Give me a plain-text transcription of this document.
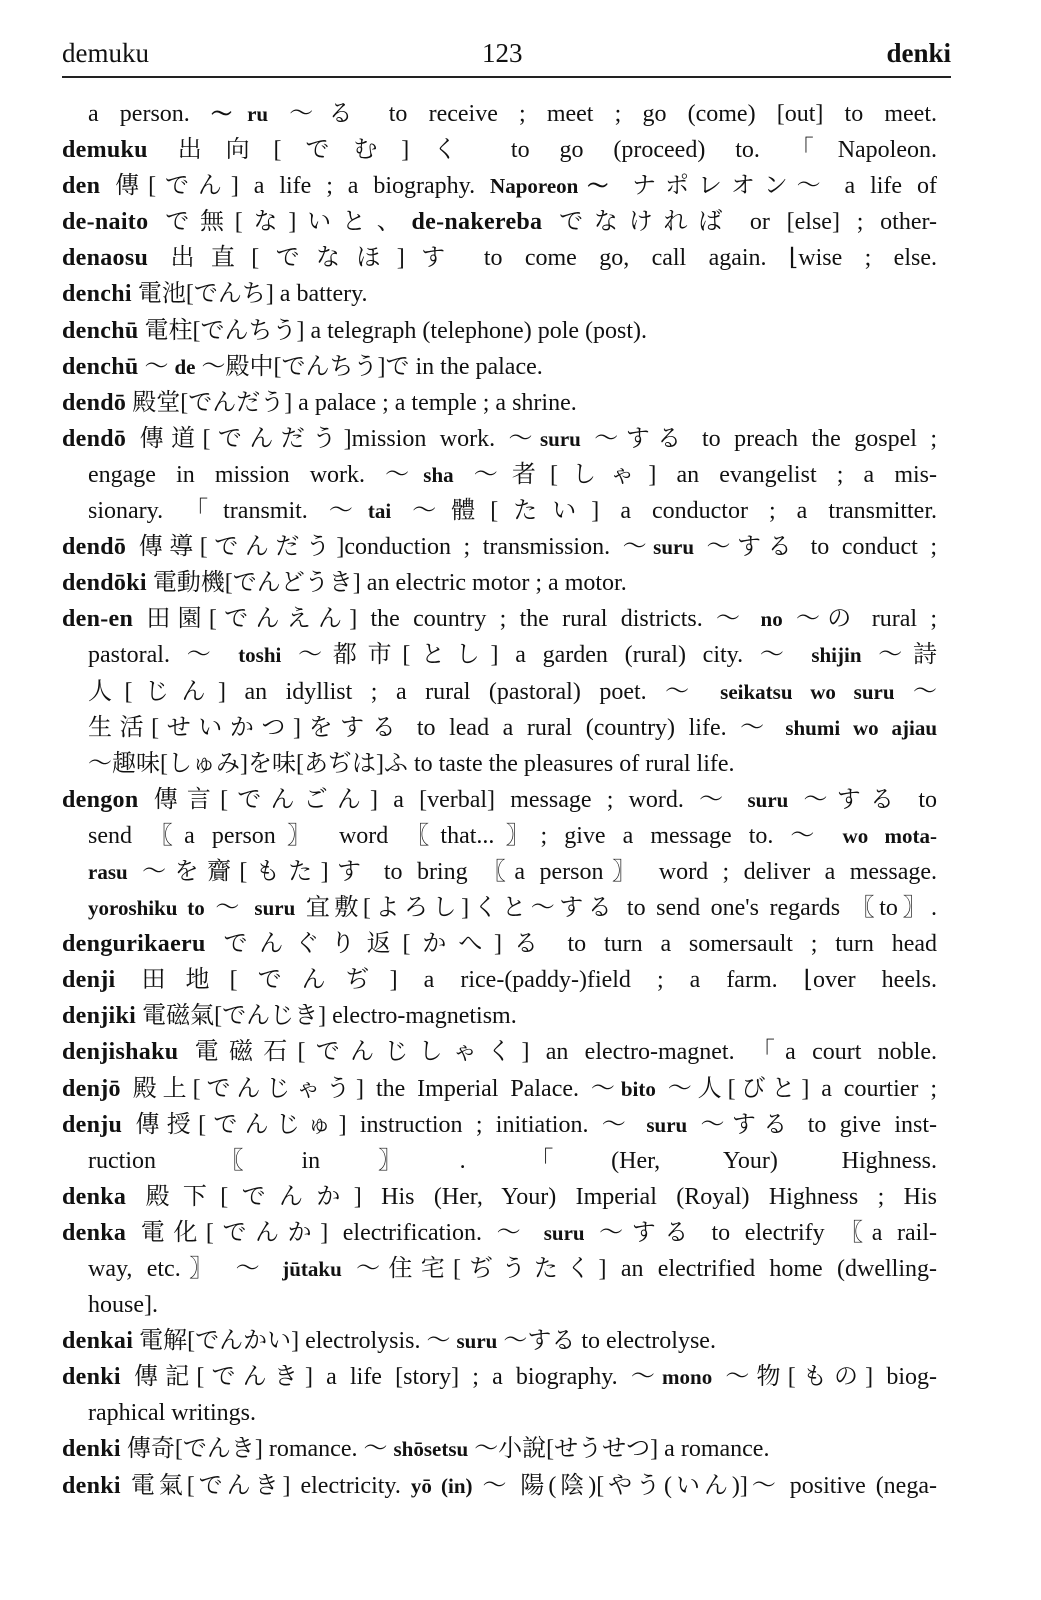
demuku	123	denki
a person. ～ru ～る to receive ; meet ; go (come) [out] to meet.
demuku 出向[でむ]く to go (proceed) to. 「Napoleon.
den 傳[でん] a life ; a biography. Naporeon～ ナポレオン～ a life of
de-naito で無[な]いと、de-nakereba でなければ or [else] ; other-
denaosu 出直[でなほ]す to come go, call again. ⌊wise ; else.
denchi 電池[でんち] a battery.
denchū 電柱[でんちう] a telegraph (telephone) pole (post).
denchū ～ de ～殿中[でんちう]で in the palace.
dendō 殿堂[でんだう] a palace ; a temple ; a shrine.
dendō 傳道[でんだう]mission work. ～suru ～する to preach the gospel ;
engage in mission work. ～sha ～者[しゃ] an evangelist ; a mis-
sionary. 「transmit. ～tai ～體[たい] a conductor ; a transmitter.
dendō 傳導[でんだう]conduction ; transmission. ～suru ～する to conduct ;
dendōki 電動機[でんどうき] an electric motor ; a motor.
den-en 田園[でんえん] the country ; the rural districts. ～ no ～の rural ;
pastoral. ～ toshi ～都市[とし] a garden (rural) city. ～ shijin ～詩
人[じん] an idyllist ; a rural (pastoral) poet. ～ seikatsu wo suru ～
生活[せいかつ]をする to lead a rural (country) life. ～ shumi wo ajiau
～趣味[しゅみ]を味[あぢは]ふ to taste the pleasures of rural life.
dengon 傳言[でんごん] a [verbal] message ; word. ～ suru ～する to
send 〖a person〗 word 〖that...〗; give a message to. ～ wo mota-
rasu ～を齎[もた]す to bring 〖a person〗 word ; deliver a message.
yoroshiku to ～ suru 宜敷[よろし]くと～する to send one's regards 〖to〗.
dengurikaeru でんぐり返[かへ]る to turn a somersault ; turn head
denji 田地[でんぢ] a rice-(paddy-)field ; a farm. ⌊over heels.
denjiki 電磁氣[でんじき] electro-magnetism.
denjishaku 電磁石[でんじしゃく] an electro-magnet. 「a court noble.
denjō 殿上[でんじゃう] the Imperial Palace. ～bito ～人[びと] a courtier ;
denju 傳授[でんじゅ] instruction ; initiation. ～ suru ～する to give inst-
ruction 〖in〗. 「(Her, Your) Highness.
denka 殿下[でんか] His (Her, Your) Imperial (Royal) Highness ; His
denka 電化[でんか] electrification. ～ suru ～する to electrify 〖a rail-
way, etc.〗 ～ jūtaku ～住宅[ぢうたく] an electrified home (dwelling-
house].
denkai 電解[でんかい] electrolysis. ～ suru ～する to electrolyse.
denki 傳記[でんき] a life [story] ; a biography. ～mono ～物[もの] biog-
raphical writings.
denki 傳奇[でんき] romance. ～ shōsetsu ～小說[せうせつ] a romance.
denki 電氣[でんき] electricity. yō (in) ～ 陽(陰)[やう(いん)]～ positive (nega-
